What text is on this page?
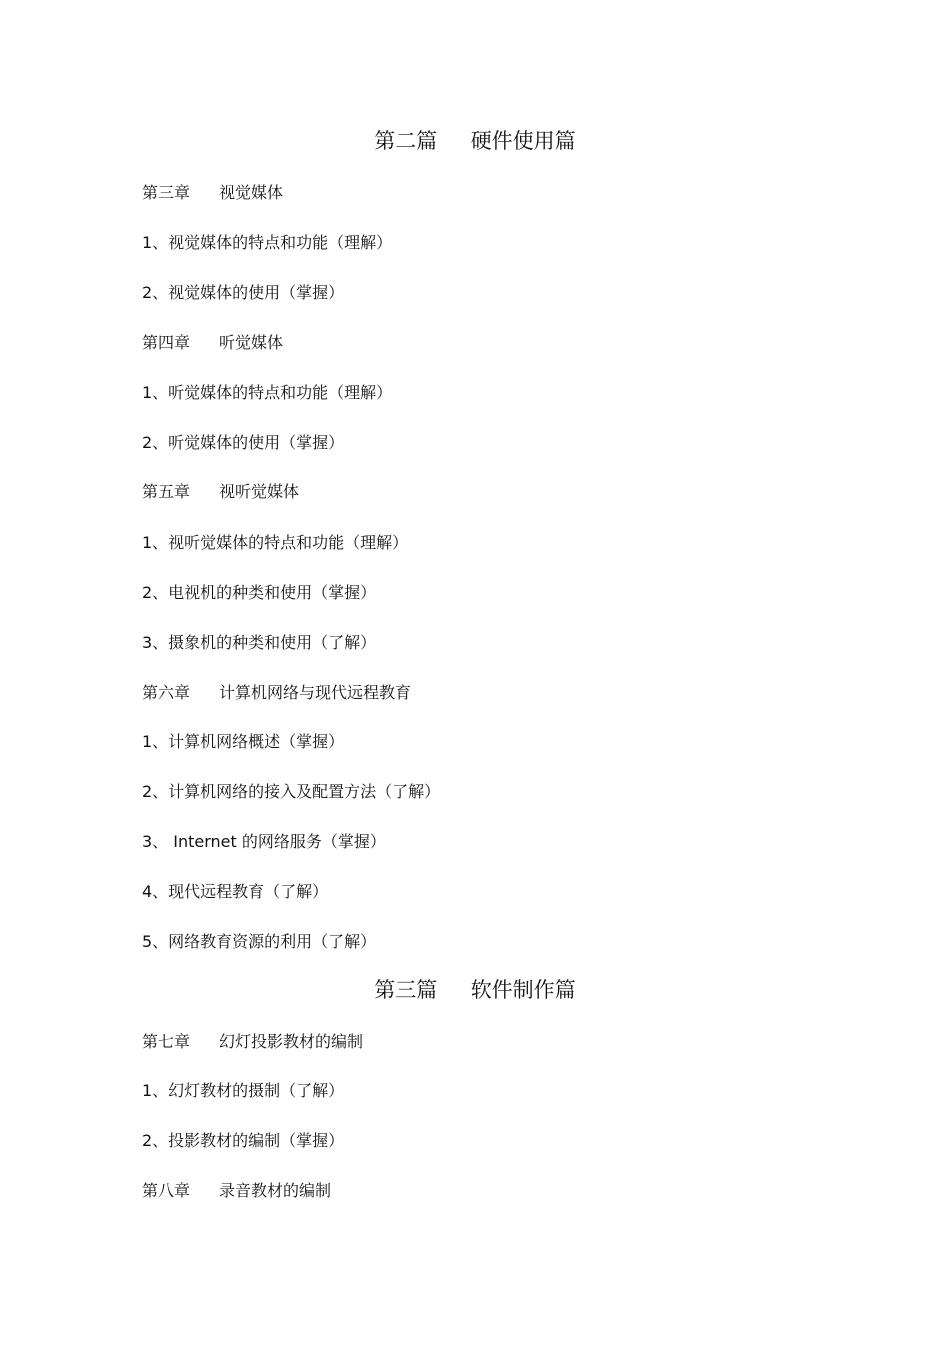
第二篇 硬件使用篇
第三章 视觉媒体
1、视觉媒体的特点和功能（理解）
2、视觉媒体的使用（掌握）
第四章 听觉媒体
1、听觉媒体的特点和功能（理解）
2、听觉媒体的使用（掌握）
第五章 视听觉媒体
1、视听觉媒体的特点和功能（理解）
2、电视机的种类和使用（掌握）
3、摄象机的种类和使用（了解）
第六章 计算机网络与现代远程教育
1、计算机网络概述（掌握）
2、计算机网络的接入及配置方法（了解）
3、 Internet 的网络服务（掌握）
4、现代远程教育（了解）
5、网络教育资源的利用（了解）
第三篇 软件制作篇
第七章 幻灯投影教材的编制
1、幻灯教材的摄制（了解）
2、投影教材的编制（掌握）
第八章 录音教材的编制
